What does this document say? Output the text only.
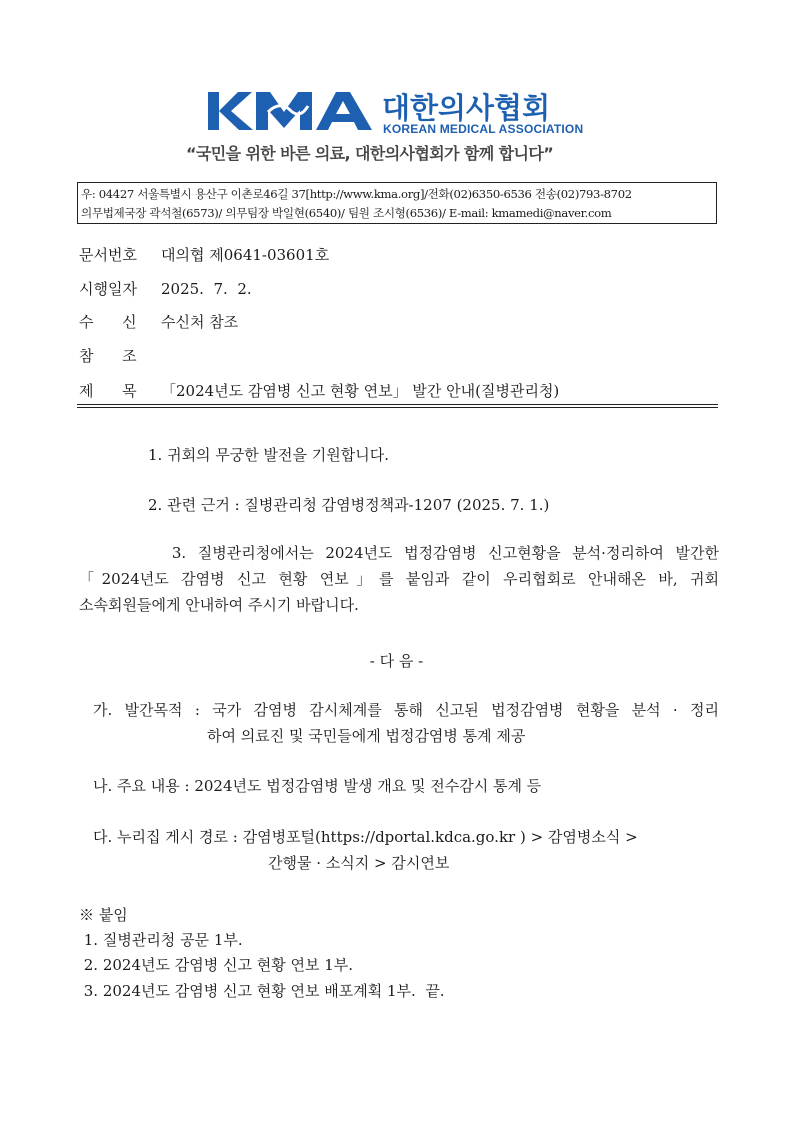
대한의사협회
KOREAN MEDICAL ASSOCIATION
“국민을 위한 바른 의료, 대한의사협회가 함께 합니다”
우: 04427 서울특별시 용산구 이촌로46길 37[http://www.kma.org]/전화(02)6350-6536 전송(02)793-8702
의무법제국장 곽석철(6573)/ 의무팀장 박일현(6540)/ 팀원 조시형(6536)/ E-mail: kmamedi@naver.com
문서번호 대의협 제0641-03601호
시행일자 2025.  7.  2.
수      신 수신처 참조
참      조
제      목 「2024년도 감염병 신고 현황 연보」 발간 안내(질병관리청)
1. 귀회의 무궁한 발전을 기원합니다.
2. 관련 근거 : 질병관리청 감염병정책과-1207 (2025. 7. 1.)
3. 질병관리청에서는 2024년도 법정감염병 신고현황을 분석·정리하여 발간한
「2024년도 감염병 신고 현황 연보」를 붙임과 같이 우리협회로 안내해온 바, 귀회
소속회원들에게 안내하여 주시기 바랍니다.
- 다 음 -
가. 발간목적 : 국가 감염병 감시체계를 통해 신고된 법정감염병 현황을 분석 · 정리
하여 의료진 및 국민들에게 법정감염병 통계 제공
나. 주요 내용 : 2024년도 법정감염병 발생 개요 및 전수감시 통계 등
다. 누리집 게시 경로 : 감염병포털(https://dportal.kdca.go.kr ) > 감염병소식 >
간행물 · 소식지 > 감시연보
※ 붙임
1. 질병관리청 공문 1부.
2. 2024년도 감염병 신고 현황 연보 1부.
3. 2024년도 감염병 신고 현황 연보 배포계획 1부.  끝.
